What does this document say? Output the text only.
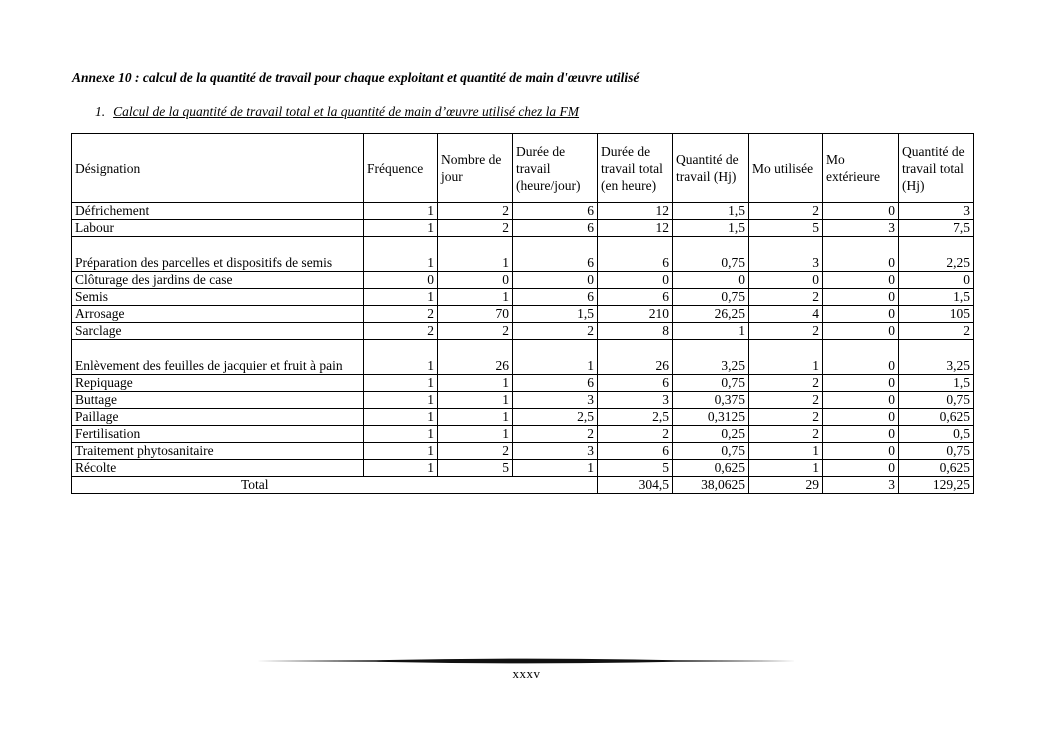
Annexe 10 : calcul de la quantité de travail pour chaque exploitant et quantité de main d'œuvre utilisé
1. Calcul de la quantité de travail total et la quantité de main d’œuvre utilisé chez la FM
Désignation	Fréquence	Nombre de jour	Durée de travail (heure/jour)	Durée de travail total (en heure)	Quantité de travail (Hj)	Mo utilisée	Mo extérieure	Quantité de travail total (Hj)
Défrichement	1	2	6	12	1,5	2	0	3
Labour	1	2	6	12	1,5	5	3	7,5
Préparation des parcelles et dispositifs de semis	1	1	6	6	0,75	3	0	2,25
Clôturage des jardins de case	0	0	0	0	0	0	0	0
Semis	1	1	6	6	0,75	2	0	1,5
Arrosage	2	70	1,5	210	26,25	4	0	105
Sarclage	2	2	2	8	1	2	0	2
Enlèvement des feuilles de jacquier et fruit à pain	1	26	1	26	3,25	1	0	3,25
Repiquage	1	1	6	6	0,75	2	0	1,5
Buttage	1	1	3	3	0,375	2	0	0,75
Paillage	1	1	2,5	2,5	0,3125	2	0	0,625
Fertilisation	1	1	2	2	0,25	2	0	0,5
Traitement phytosanitaire	1	2	3	6	0,75	1	0	0,75
Récolte	1	5	1	5	0,625	1	0	0,625
Total				304,5	38,0625	29	3	129,25
xxxv
